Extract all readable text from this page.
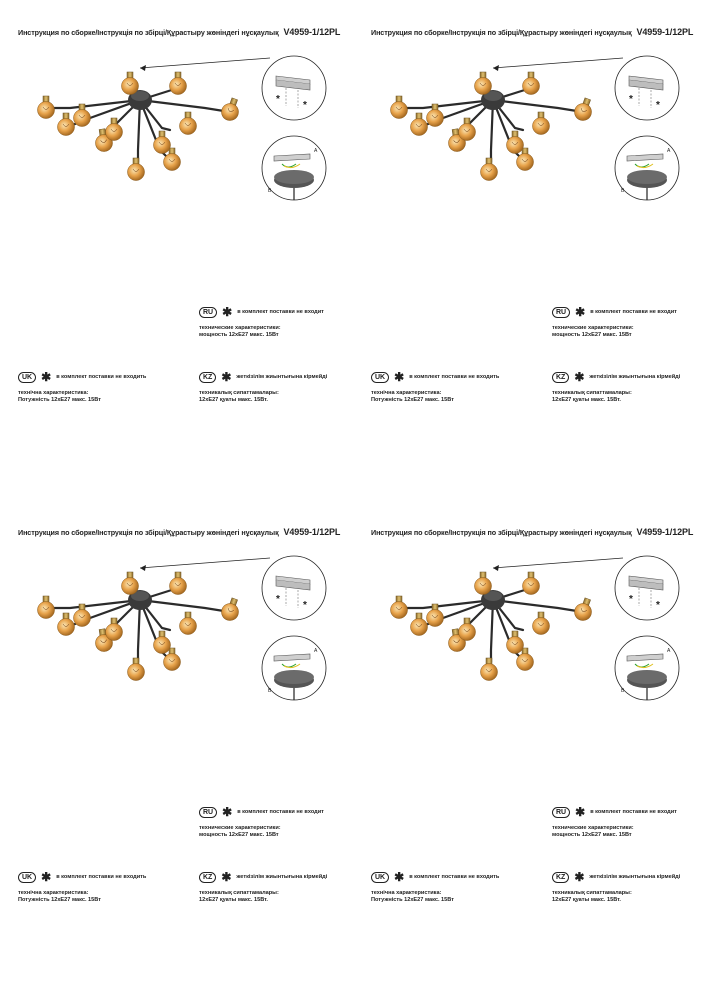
Инструкция по сборке/Інструкція по збірці/Құрастыру жөніндегі нұсқаулық V4959-1/12PL
RU ✱ в комплект поставки не входит
технические характеристики:
мощность 12хЕ27 макс. 15Вт
UK ✱ в комплект поставки не входить
технічна характеристика:
Потужність 12хЕ27 макс. 15Вт
KZ ✱ жеткізілім жиынтығына кірмейді
техникалық сипаттамалары:
12хЕ27 қуаты макс. 15Вт.
Инструкция по сборке/Інструкція по збірці/Құрастыру жөніндегі нұсқаулық V4959-1/12PL
RU ✱ в комплект поставки не входит
технические характеристики:
мощность 12хЕ27 макс. 15Вт
UK ✱ в комплект поставки не входить
технічна характеристика:
Потужність 12хЕ27 макс. 15Вт
KZ ✱ жеткізілім жиынтығына кірмейді
техникалық сипаттамалары:
12хЕ27 қуаты макс. 15Вт.
Инструкция по сборке/Інструкція по збірці/Құрастыру жөніндегі нұсқаулық V4959-1/12PL
RU ✱ в комплект поставки не входит
технические характеристики:
мощность 12хЕ27 макс. 15Вт
UK ✱ в комплект поставки не входить
технічна характеристика:
Потужність 12хЕ27 макс. 15Вт
KZ ✱ жеткізілім жиынтығына кірмейді
техникалық сипаттамалары:
12хЕ27 қуаты макс. 15Вт.
Инструкция по сборке/Інструкція по збірці/Құрастыру жөніндегі нұсқаулық V4959-1/12PL
RU ✱ в комплект поставки не входит
технические характеристики:
мощность 12хЕ27 макс. 15Вт
UK ✱ в комплект поставки не входить
технічна характеристика:
Потужність 12хЕ27 макс. 15Вт
KZ ✱ жеткізілім жиынтығына кірмейді
техникалық сипаттамалары:
12хЕ27 қуаты макс. 15Вт.
